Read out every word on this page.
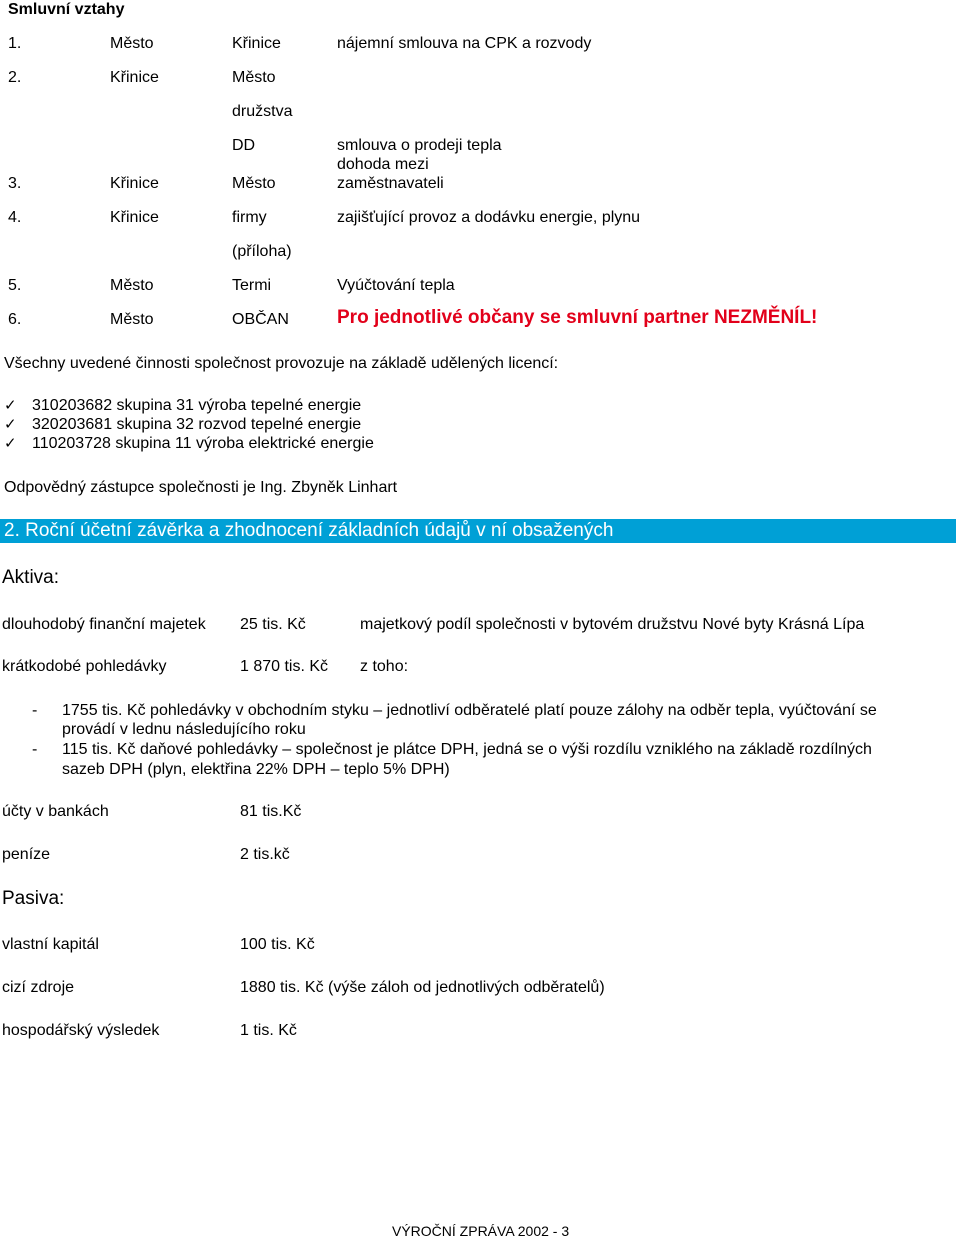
Smluvní vztahy
1.	Město	Křinice	nájemní smlouva na CPK a rozvody
2.	Křinice	Město
družstva
DD	smlouva o prodeji tepla
dohoda mezi
3.	Křinice	Město	zaměstnavateli
4.	Křinice	firmy	zajišťující provoz a dodávku energie, plynu
(příloha)
5.	Město	Termi	Vyúčtování tepla
6.	Město	OBČAN	Pro jednotlivé občany se smluvní partner NEZMĚNÍL!
Všechny uvedené činnosti společnost provozuje na základě udělených licencí:
✓ 310203682 skupina 31 výroba tepelné energie
✓ 320203681 skupina 32 rozvod tepelné energie
✓ 110203728 skupina 11 výroba elektrické energie
Odpovědný zástupce společnosti je Ing. Zbyněk Linhart
2. Roční účetní závěrka a zhodnocení základních údajů v ní obsažených
Aktiva:
dlouhodobý finanční majetek 25 tis. Kč	majetkový podíl společnosti v bytovém družstvu Nové byty Krásná Lípa
krátkodobé pohledávky	1 870 tis. Kč z toho:
- 1755 tis. Kč pohledávky v obchodním styku – jednotliví odběratelé platí pouze zálohy na odběr tepla, vyúčtování se
provádí v lednu následujícího roku
- 115 tis. Kč daňové pohledávky – společnost je plátce DPH, jedná se o výši rozdílu vzniklého na základě rozdílných
sazeb DPH (plyn, elektřina 22% DPH – teplo 5% DPH)
účty v bankách	81 tis.Kč
peníze	2 tis.kč
Pasiva:
vlastní kapitál	100 tis. Kč
cizí zdroje	1880 tis. Kč (výše záloh od jednotlivých odběratelů)
hospodářský výsledek	1 tis. Kč
VÝROČNÍ ZPRÁVA 2002 - 3
